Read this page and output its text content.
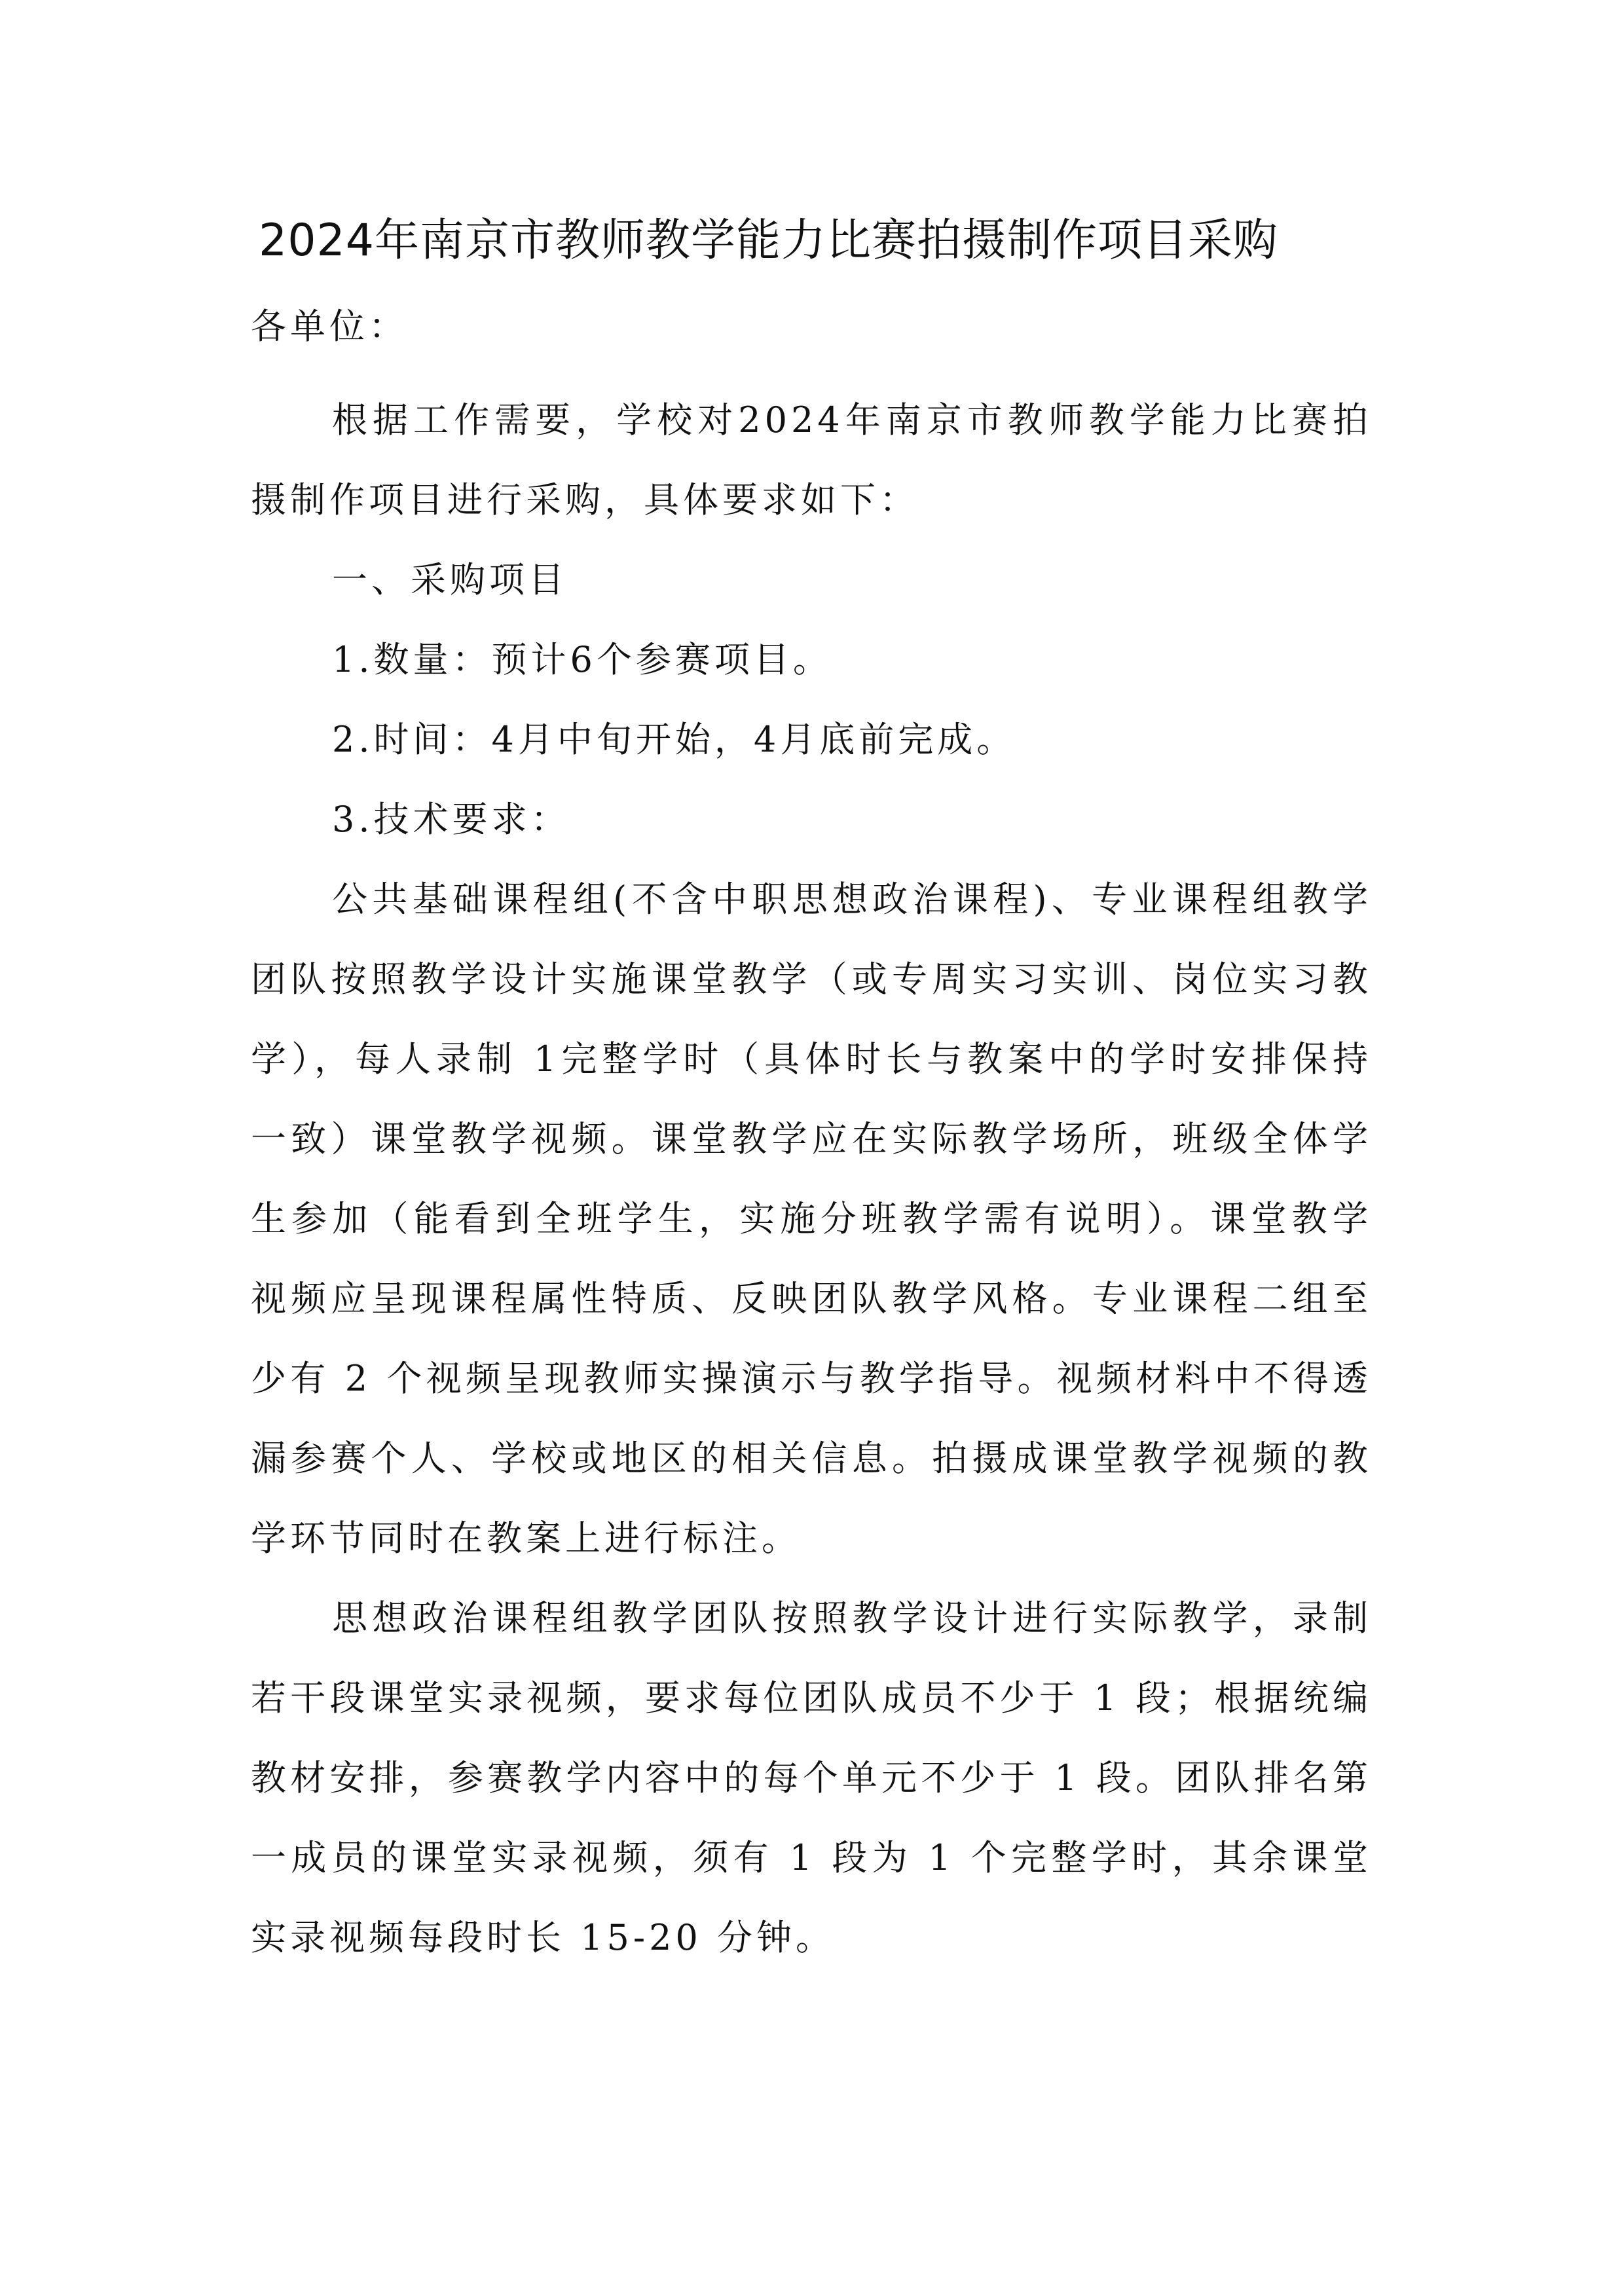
2024年南京市教师教学能力比赛拍摄制作项目采购

各单位：

根据工作需要，学校对2024年南京市教师教学能力比赛拍摄制作项目进行采购，具体要求如下：

一、采购项目

1.数量：预计6个参赛项目。

2.时间：4月中旬开始，4月底前完成。

3.技术要求：

公共基础课程组(不含中职思想政治课程)、专业课程组教学团队按照教学设计实施课堂教学（或专周实习实训、岗位实习教学），每人录制 1完整学时（具体时长与教案中的学时安排保持一致）课堂教学视频。课堂教学应在实际教学场所，班级全体学生参加（能看到全班学生，实施分班教学需有说明）。课堂教学视频应呈现课程属性特质、反映团队教学风格。专业课程二组至少有 2 个视频呈现教师实操演示与教学指导。视频材料中不得透漏参赛个人、学校或地区的相关信息。拍摄成课堂教学视频的教学环节同时在教案上进行标注。

思想政治课程组教学团队按照教学设计进行实际教学，录制若干段课堂实录视频，要求每位团队成员不少于 1 段；根据统编教材安排，参赛教学内容中的每个单元不少于 1 段。团队排名第一成员的课堂实录视频，须有 1 段为 1 个完整学时，其余课堂实录视频每段时长 15-20 分钟。
